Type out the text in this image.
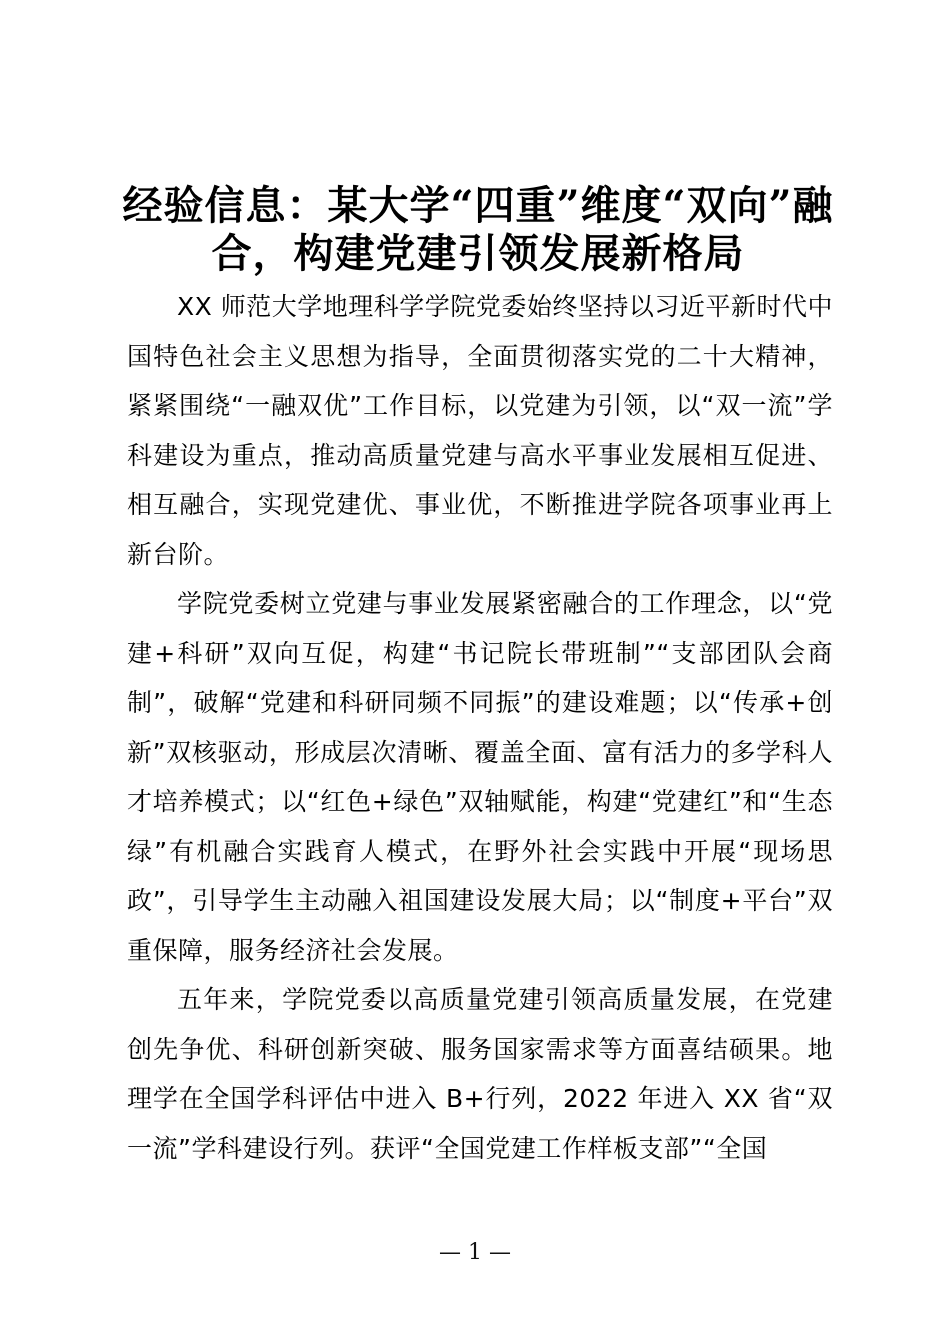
经验信息：某大学“四重”维度“双向”融合，构建党建引领发展新格局

XX 师范大学地理科学学院党委始终坚持以习近平新时代中国特色社会主义思想为指导，全面贯彻落实党的二十大精神，紧紧围绕“一融双优”工作目标，以党建为引领，以“双一流”学科建设为重点，推动高质量党建与高水平事业发展相互促进、相互融合，实现党建优、事业优，不断推进学院各项事业再上新台阶。

学院党委树立党建与事业发展紧密融合的工作理念，以“党建+科研”双向互促，构建“书记院长带班制”“支部团队会商制”，破解“党建和科研同频不同振”的建设难题；以“传承+创新”双核驱动，形成层次清晰、覆盖全面、富有活力的多学科人才培养模式；以“红色+绿色”双轴赋能，构建“党建红”和“生态绿”有机融合实践育人模式，在野外社会实践中开展“现场思政”，引导学生主动融入祖国建设发展大局；以“制度+平台”双重保障，服务经济社会发展。

五年来，学院党委以高质量党建引领高质量发展，在党建创先争优、科研创新突破、服务国家需求等方面喜结硕果。地理学在全国学科评估中进入 B+行列，2022 年进入 XX 省“双一流”学科建设行列。获评“全国党建工作样板支部”“全国

— 1 —
